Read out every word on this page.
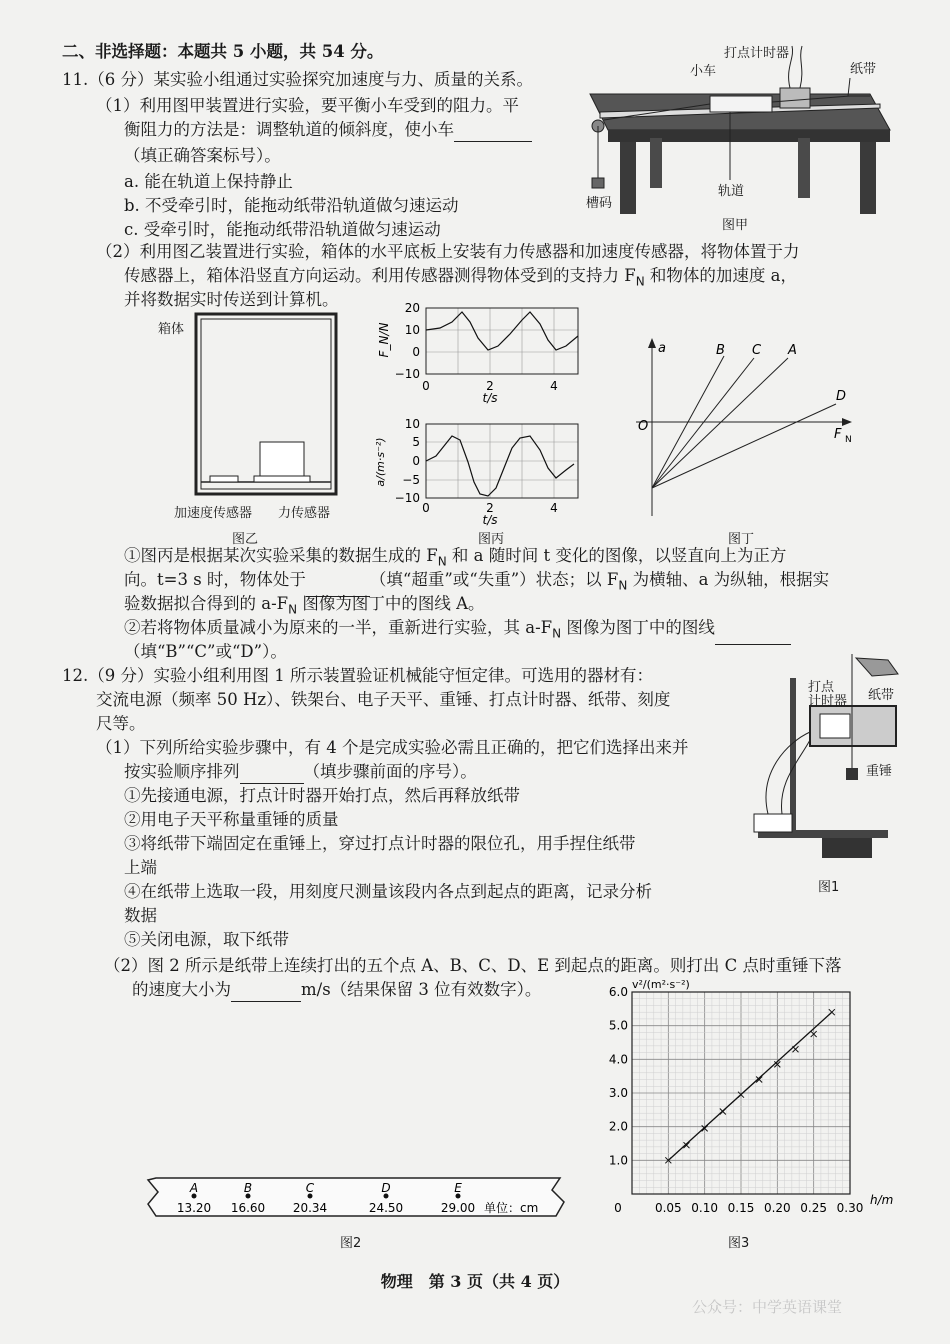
二、非选择题：本题共 5 小题，共 54 分。
11.（6 分）某实验小组通过实验探究加速度与力、质量的关系。
（1）利用图甲装置进行实验，要平衡小车受到的阻力。平
衡阻力的方法是：调整轨道的倾斜度，使小车
（填正确答案标号）。
a. 能在轨道上保持静止
b. 不受牵引时，能拖动纸带沿轨道做匀速运动
c. 受牵引时，能拖动纸带沿轨道做匀速运动
打点计时器
小车	纸带
轨道
槽码
图甲
（2）利用图乙装置进行实验，箱体的水平底板上安装有力传感器和加速度传感器，将物体置于力
传感器上，箱体沿竖直方向运动。利用传感器测得物体受到的支持力 $F_N$ 和物体的加速度 a，
并将数据实时传送到计算机。
箱体
加速度传感器 力传感器
图乙
20
10
0
−10
0	2	4
t/s
F_N/N
10
5
0
−5
−10
0	2	4
t/s
a/(m·s⁻²)
图丙
a
F N
O
B C A
D
图丁
①图丙是根据某次实验采集的数据生成的 $F_N$ 和 a 随时间 t 变化的图像，以竖直向上为正方
向。t=3 s 时，物体处于	（填“超重”或“失重”）状态；以 $F_N$ 为横轴、a 为纵轴，根据实
验数据拟合得到的 $a-F_N$ 图像为图丁中的图线 A。
②若将物体质量减小为原来的一半，重新进行实验，其 $a-F_N$ 图像为图丁中的图线
（填“B”“C”或“D”）。
12.（9 分）实验小组利用图 1 所示装置验证机械能守恒定律。可选用的器材有：
交流电源（频率 50 Hz）、铁架台、电子天平、重锤、打点计时器、纸带、刻度
尺等。
（1）下列所给实验步骤中，有 4 个是完成实验必需且正确的，把它们选择出来并
按实验顺序排列	（填步骤前面的序号）。
①先接通电源，打点计时器开始打点，然后再释放纸带
②用电子天平称量重锤的质量
③将纸带下端固定在重锤上，穿过打点计时器的限位孔，用手捏住纸带
上端
④在纸带上选取一段，用刻度尺测量该段内各点到起点的距离，记录分析
数据
⑤关闭电源，取下纸带
（2）图 2 所示是纸带上连续打出的五个点 A、B、C、D、E 到起点的距离。则打出 C 点时重锤下落
的速度大小为	m/s（结果保留 3 位有效数字）。
打点
计时器 纸带
重锤
图1
A	B	C	D	E
13.20 16.60 20.34	24.50	29.00 单位：cm
图2
1.0
2.0
3.0
4.0
5.0
6.0
0	0.05 0.10 0.15 0.20 0.25 0.30
v²/(m²·s⁻²)
h/m
图3
物理　第 3 页（共 4 页）
公众号：中学英语课堂
